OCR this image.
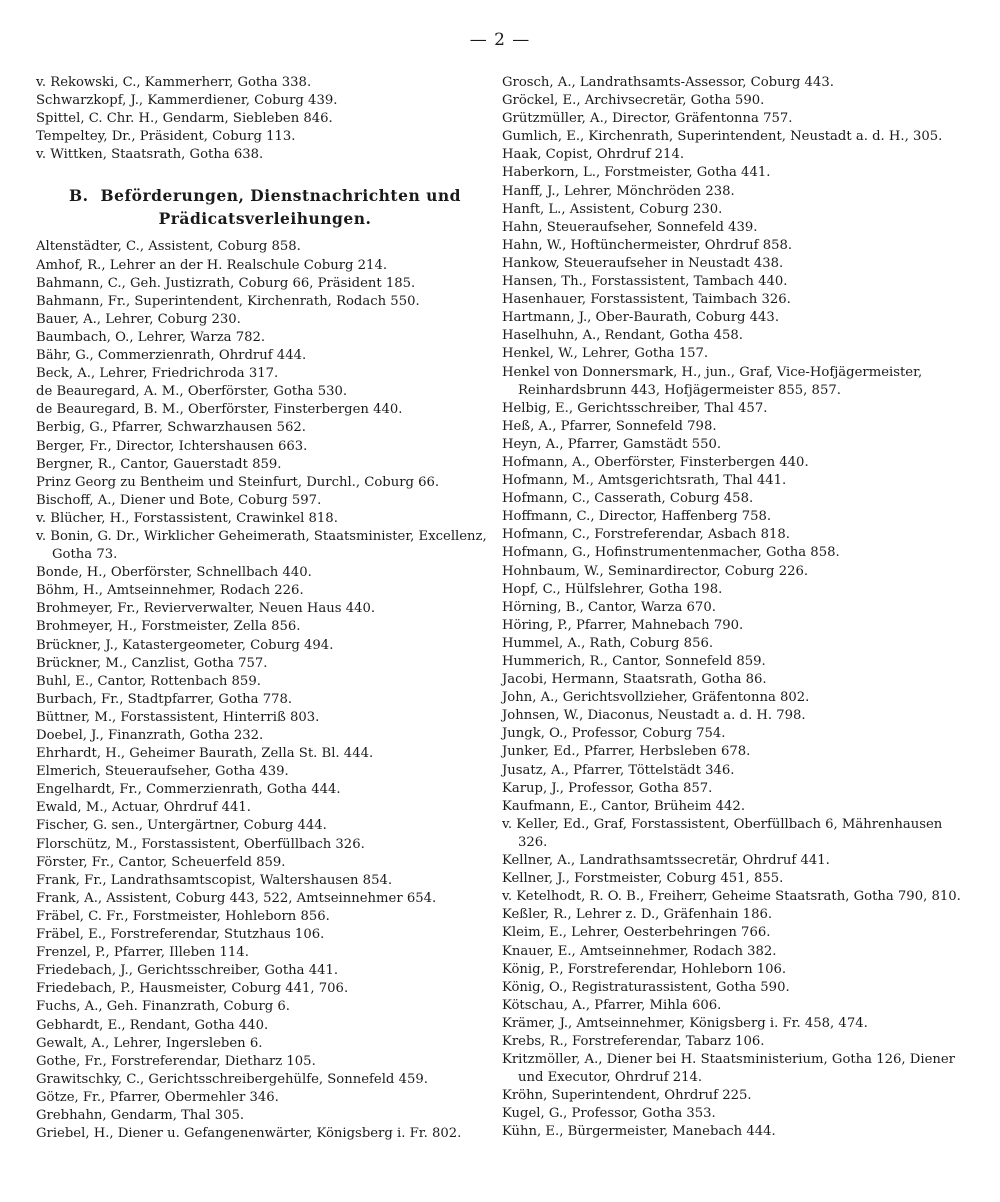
— 2 —
v. Rekowski, C., Kammerherr, Gotha 338.
Schwarzkopf, J., Kammerdiener, Coburg 439.
Spittel, C. Chr. H., Gendarm, Siebleben 846.
Tempeltey, Dr., Präsident, Coburg 113.
v. Wittken, Staatsrath, Gotha 638.
B. Beförderungen, Dienstnachrichten und
Prädicatsverleihungen.
Altenstädter, C., Assistent, Coburg 858.
Amhof, R., Lehrer an der H. Realschule Coburg 214.
Bahmann, C., Geh. Justizrath, Coburg 66, Präsident 185.
Bahmann, Fr., Superintendent, Kirchenrath, Rodach 550.
Bauer, A., Lehrer, Coburg 230.
Baumbach, O., Lehrer, Warza 782.
Bähr, G., Commerzienrath, Ohrdruf 444.
Beck, A., Lehrer, Friedrichroda 317.
de Beauregard, A. M., Oberförster, Gotha 530.
de Beauregard, B. M., Oberförster, Finsterbergen 440.
Berbig, G., Pfarrer, Schwarzhausen 562.
Berger, Fr., Director, Ichtershausen 663.
Bergner, R., Cantor, Gauerstadt 859.
Prinz Georg zu Bentheim und Steinfurt, Durchl., Coburg 66.
Bischoff, A., Diener und Bote, Coburg 597.
v. Blücher, H., Forstassistent, Crawinkel 818.
v. Bonin, G. Dr., Wirklicher Geheimerath, Staatsminister, Excellenz, Gotha 73.
Bonde, H., Oberförster, Schnellbach 440.
Böhm, H., Amtseinnehmer, Rodach 226.
Brohmeyer, Fr., Revierverwalter, Neuen Haus 440.
Brohmeyer, H., Forstmeister, Zella 856.
Brückner, J., Katastergeometer, Coburg 494.
Brückner, M., Canzlist, Gotha 757.
Buhl, E., Cantor, Rottenbach 859.
Burbach, Fr., Stadtpfarrer, Gotha 778.
Büttner, M., Forstassistent, Hinterriß 803.
Doebel, J., Finanzrath, Gotha 232.
Ehrhardt, H., Geheimer Baurath, Zella St. Bl. 444.
Elmerich, Steueraufseher, Gotha 439.
Engelhardt, Fr., Commerzienrath, Gotha 444.
Ewald, M., Actuar, Ohrdruf 441.
Fischer, G. sen., Untergärtner, Coburg 444.
Florschütz, M., Forstassistent, Oberfüllbach 326.
Förster, Fr., Cantor, Scheuerfeld 859.
Frank, Fr., Landrathsamtscopist, Waltershausen 854.
Frank, A., Assistent, Coburg 443, 522, Amtseinnehmer 654.
Fräbel, C. Fr., Forstmeister, Hohleborn 856.
Fräbel, E., Forstreferendar, Stutzhaus 106.
Frenzel, P., Pfarrer, Illeben 114.
Friedebach, J., Gerichtsschreiber, Gotha 441.
Friedebach, P., Hausmeister, Coburg 441, 706.
Fuchs, A., Geh. Finanzrath, Coburg 6.
Gebhardt, E., Rendant, Gotha 440.
Gewalt, A., Lehrer, Ingersleben 6.
Gothe, Fr., Forstreferendar, Dietharz 105.
Grawitschky, C., Gerichtsschreibergehülfe, Sonnefeld 459.
Götze, Fr., Pfarrer, Obermehler 346.
Grebhahn, Gendarm, Thal 305.
Griebel, H., Diener u. Gefangenenwärter, Königsberg i. Fr. 802.
Grosch, A., Landrathsamts-Assessor, Coburg 443.
Gröckel, E., Archivsecretär, Gotha 590.
Grützmüller, A., Director, Gräfentonna 757.
Gumlich, E., Kirchenrath, Superintendent, Neustadt a. d. H., 305.
Haak, Copist, Ohrdruf 214.
Haberkorn, L., Forstmeister, Gotha 441.
Hanff, J., Lehrer, Mönchröden 238.
Hanft, L., Assistent, Coburg 230.
Hahn, Steueraufseher, Sonnefeld 439.
Hahn, W., Hoftünchermeister, Ohrdruf 858.
Hankow, Steueraufseher in Neustadt 438.
Hansen, Th., Forstassistent, Tambach 440.
Hasenhauer, Forstassistent, Taimbach 326.
Hartmann, J., Ober-Baurath, Coburg 443.
Haselhuhn, A., Rendant, Gotha 458.
Henkel, W., Lehrer, Gotha 157.
Henkel von Donnersmark, H., jun., Graf, Vice-Hofjägermeister, Reinhardsbrunn 443, Hofjägermeister 855, 857.
Helbig, E., Gerichtsschreiber, Thal 457.
Heß, A., Pfarrer, Sonnefeld 798.
Heyn, A., Pfarrer, Gamstädt 550.
Hofmann, A., Oberförster, Finsterbergen 440.
Hofmann, M., Amtsgerichtsrath, Thal 441.
Hofmann, C., Casserath, Coburg 458.
Hoffmann, C., Director, Haffenberg 758.
Hofmann, C., Forstreferendar, Asbach 818.
Hofmann, G., Hofinstrumentenmacher, Gotha 858.
Hohnbaum, W., Seminardirector, Coburg 226.
Hopf, C., Hülfslehrer, Gotha 198.
Hörning, B., Cantor, Warza 670.
Höring, P., Pfarrer, Mahnebach 790.
Hummel, A., Rath, Coburg 856.
Hummerich, R., Cantor, Sonnefeld 859.
Jacobi, Hermann, Staatsrath, Gotha 86.
John, A., Gerichtsvollzieher, Gräfentonna 802.
Johnsen, W., Diaconus, Neustadt a. d. H. 798.
Jungk, O., Professor, Coburg 754.
Junker, Ed., Pfarrer, Herbsleben 678.
Jusatz, A., Pfarrer, Töttelstädt 346.
Karup, J., Professor, Gotha 857.
Kaufmann, E., Cantor, Brüheim 442.
v. Keller, Ed., Graf, Forstassistent, Oberfüllbach 6, Mährenhausen 326.
Kellner, A., Landrathsamtssecretär, Ohrdruf 441.
Kellner, J., Forstmeister, Coburg 451, 855.
v. Ketelhodt, R. O. B., Freiherr, Geheime Staatsrath, Gotha 790, 810.
Keßler, R., Lehrer z. D., Gräfenhain 186.
Kleim, E., Lehrer, Oesterbehringen 766.
Knauer, E., Amtseinnehmer, Rodach 382.
König, P., Forstreferendar, Hohleborn 106.
König, O., Registraturassistent, Gotha 590.
Kötschau, A., Pfarrer, Mihla 606.
Krämer, J., Amtseinnehmer, Königsberg i. Fr. 458, 474.
Krebs, R., Forstreferendar, Tabarz 106.
Kritzmöller, A., Diener bei H. Staatsministerium, Gotha 126, Diener und Executor, Ohrdruf 214.
Kröhn, Superintendent, Ohrdruf 225.
Kugel, G., Professor, Gotha 353.
Kühn, E., Bürgermeister, Manebach 444.
